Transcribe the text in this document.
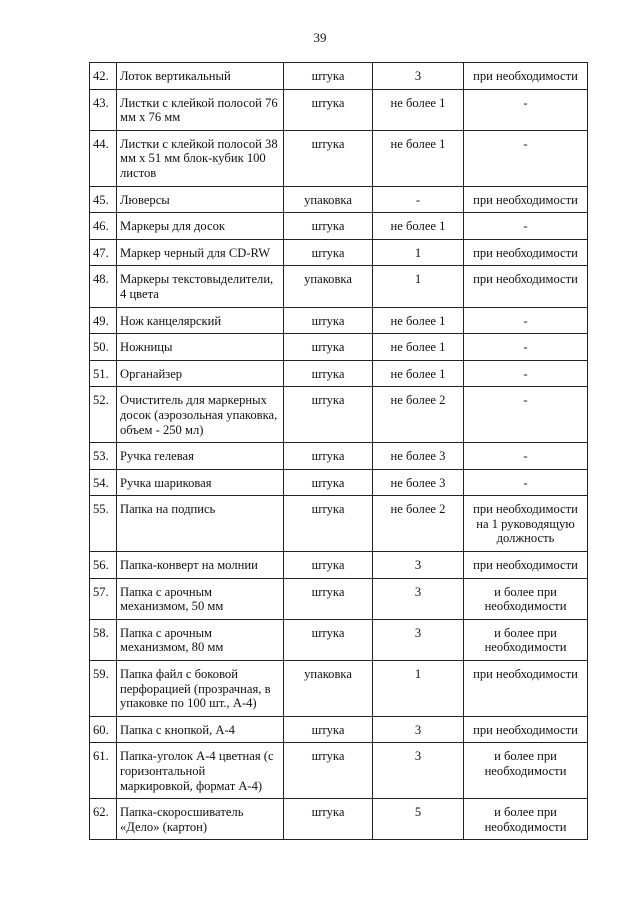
39
42.	Лоток вертикальный	штука	3	при необходимости
43.	Листки с клейкой полосой 76 мм х 76 мм	штука	не более 1	-
44.	Листки с клейкой полосой 38 мм х 51 мм блок-кубик 100 листов	штука	не более 1	-
45.	Люверсы	упаковка	-	при необходимости
46.	Маркеры для досок	штука	не более 1	-
47.	Маркер черный для CD-RW	штука	1	при необходимости
48.	Маркеры текстовыделители, 4 цвета	упаковка	1	при необходимости
49.	Нож канцелярский	штука	не более 1	-
50.	Ножницы	штука	не более 1	-
51.	Органайзер	штука	не более 1	-
52.	Очиститель для маркерных досок (аэрозольная упаковка, объем - 250 мл)	штука	не более 2	-
53.	Ручка гелевая	штука	не более 3	-
54.	Ручка шариковая	штука	не более 3	-
55.	Папка на подпись	штука	не более 2	при необходимости на 1 руководящую должность
56.	Папка-конверт на молнии	штука	3	при необходимости
57.	Папка с арочным механизмом, 50 мм	штука	3	и более при необходимости
58.	Папка с арочным механизмом, 80 мм	штука	3	и более при необходимости
59.	Папка файл с боковой перфорацией (прозрачная, в упаковке по 100 шт., А-4)	упаковка	1	при необходимости
60.	Папка с кнопкой, А-4	штука	3	при необходимости
61.	Папка-уголок А-4 цветная (с горизонтальной маркировкой, формат А-4)	штука	3	и более при необходимости
62.	Папка-скоросшиватель «Дело» (картон)	штука	5	и более при необходимости
